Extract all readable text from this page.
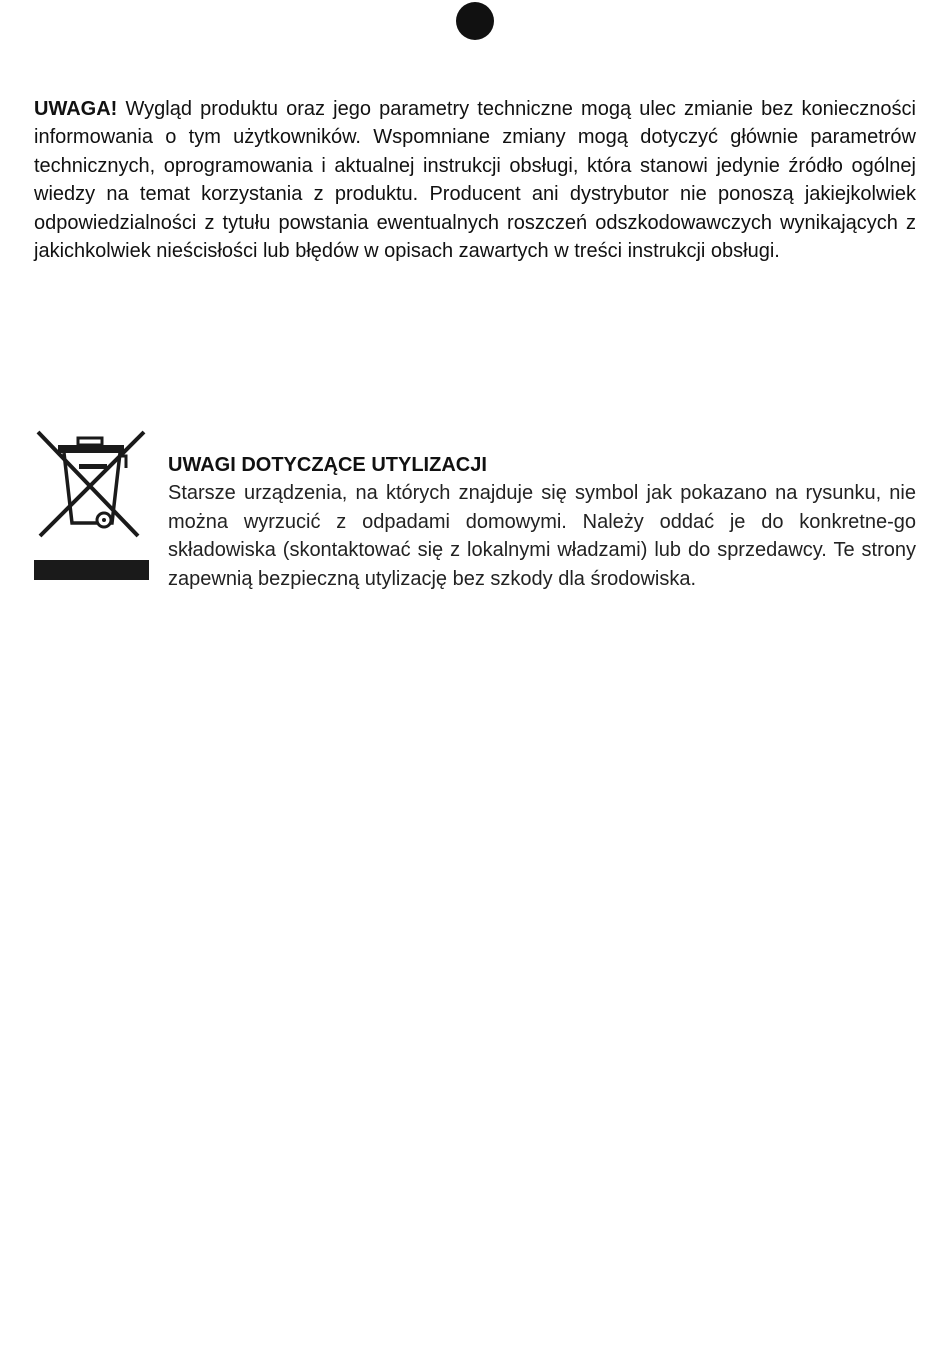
UWAGA! Wygląd produktu oraz jego parametry techniczne mogą ulec zmianie bez konieczności informowania o tym użytkowników. Wspomniane zmiany mogą dotyczyć głównie parametrów technicznych, oprogramowania i aktualnej instrukcji obsługi, która stanowi jedynie źródło ogólnej wiedzy na temat korzystania z produktu. Producent ani dystrybutor nie ponoszą jakiejkolwiek odpowiedzialności z tytułu powstania ewentualnych roszczeń odszkodowawczych wynikających z jakichkolwiek nieścisłości lub błędów w opisach zawartych w treści instrukcji obsługi.

UWAGI DOTYCZĄCE UTYLIZACJI

Starsze urządzenia, na których znajduje się symbol jak pokazano na rysunku, nie można wyrzucić z odpadami domowymi. Należy oddać je do konkretne-go składowiska (skontaktować się z lokalnymi władzami) lub do sprzedawcy. Te strony zapewnią bezpieczną utylizację bez szkody dla środowiska.
